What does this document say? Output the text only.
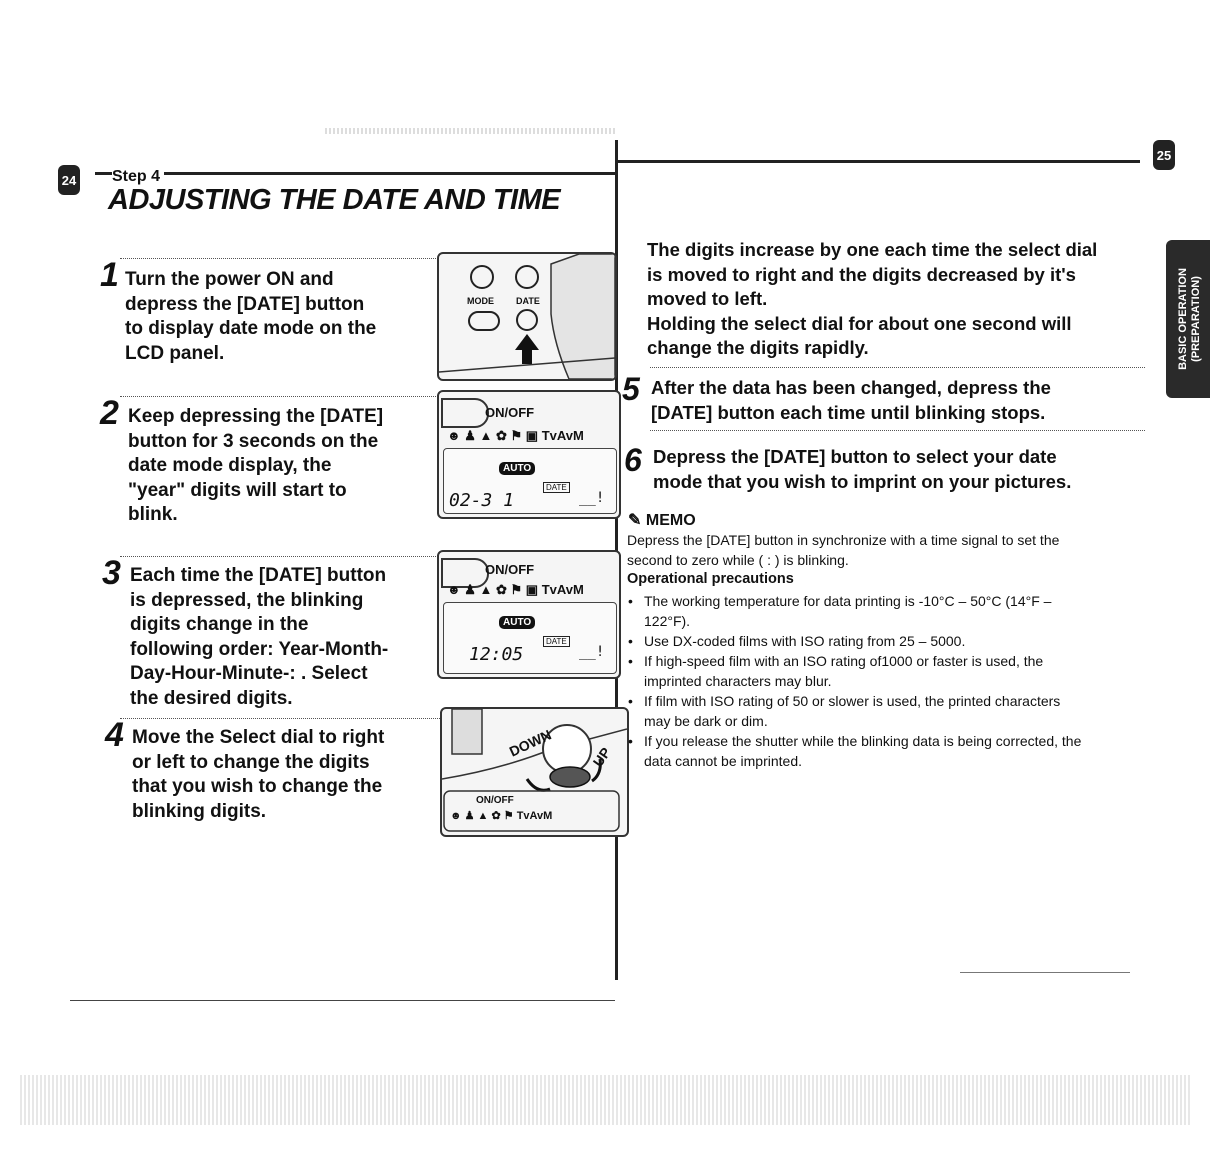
24 Step 4
ADJUSTING THE DATE AND TIME
1 Turn the power ON and
depress the [DATE] button
to display date mode on the
LCD panel.
2 Keep depressing the [DATE]
button for 3 seconds on the
date mode display, the
"year" digits will start to
blink.
3 Each time the [DATE] button
is depressed, the blinking
digits change in the
following order: Year-Month-
Day-Hour-Minute-: . Select
the desired digits.
4 Move the Select dial to right
or left to change the digits
that you wish to change the
blinking digits.
MODE DATE
ON/OFF
☻ ♟ ▲ ✿ ⚑ ▣ TvAvM
AUTO
DATE
02-3 1	__!
ON/OFF
☻ ♟ ▲ ✿ ⚑ ▣ TvAvM
AUTO
DATE
12:05	__!
DOWN	UP
ON/OFF
☻ ♟ ▲ ✿ ⚑ TvAvM
25
BASIC OPERATION (PREPARATION)
The digits increase by one each time the select dial
is moved to right and the digits decreased by it's
moved to left.
Holding the select dial for about one second will
change the digits rapidly.
5 After the data has been changed, depress the
[DATE] button each time until blinking stops.
6 Depress the [DATE] button to select your date
mode that you wish to imprint on your pictures.
✎ MEMO
Depress the [DATE] button in synchronize with a time signal to set the
second to zero while ( : ) is blinking.
Operational precautions
• The working temperature for data printing is -10°C – 50°C (14°F –
122°F).
• Use DX-coded films with ISO rating from 25 – 5000.
• If high-speed film with an ISO rating of1000 or faster is used, the
imprinted characters may blur.
• If film with ISO rating of 50 or slower is used, the printed characters
may be dark or dim.
• If you release the shutter while the blinking data is being corrected, the
data cannot be imprinted.
